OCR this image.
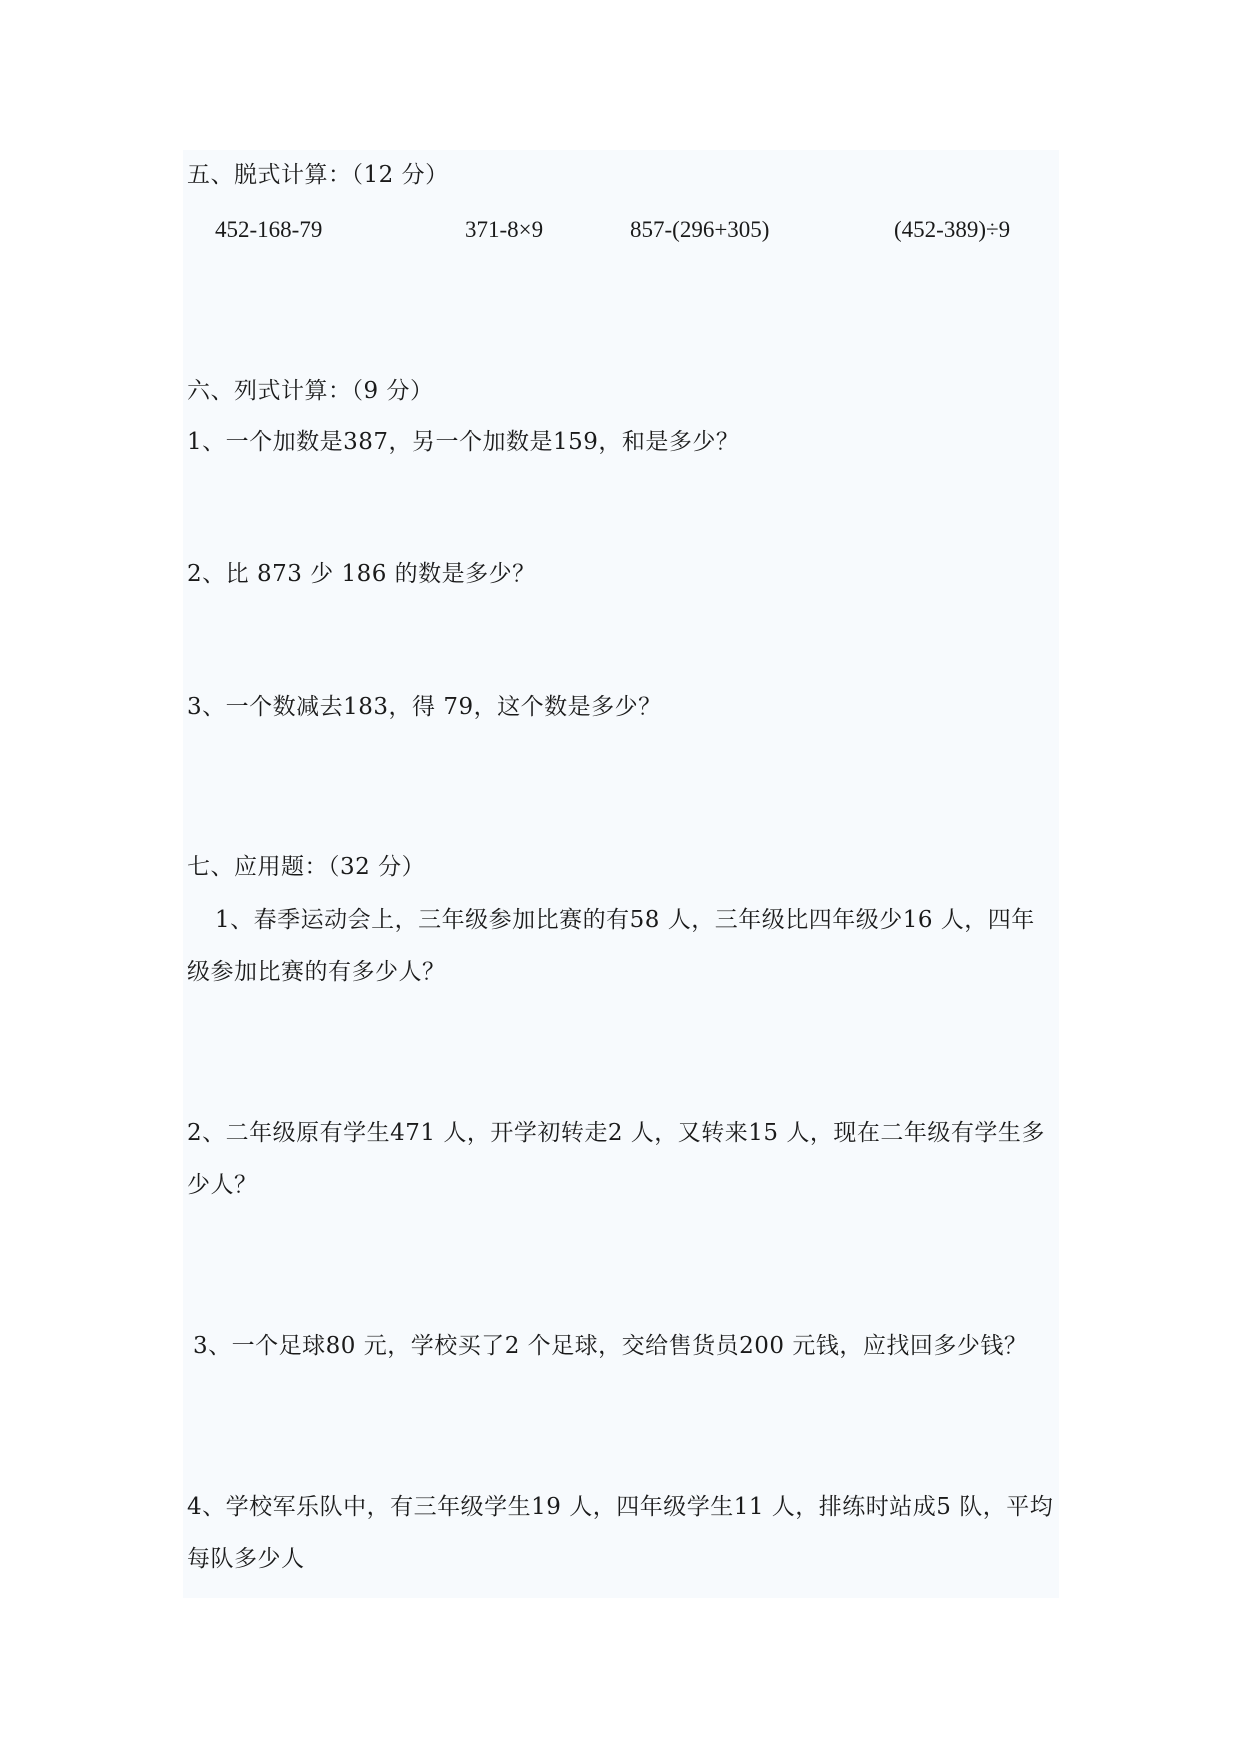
五、脱式计算：（12 分）
452-168-79	371-8×9	857-(296+305)	(452-389)÷9
六、列式计算：（9 分）
1、一个加数是387，另一个加数是159，和是多少？
2、比 873 少 186 的数是多少？
3、一个数减去183，得 79，这个数是多少？
七、应用题：（32 分）
1、春季运动会上，三年级参加比赛的有58 人，三年级比四年级少16 人，四年
级参加比赛的有多少人？
2、二年级原有学生471 人，开学初转走2 人，又转来15 人，现在二年级有学生多
少人？
3、一个足球80 元，学校买了2 个足球，交给售货员200 元钱，应找回多少钱？
4、学校军乐队中，有三年级学生19 人，四年级学生11 人，排练时站成5 队，平均
每队多少人
